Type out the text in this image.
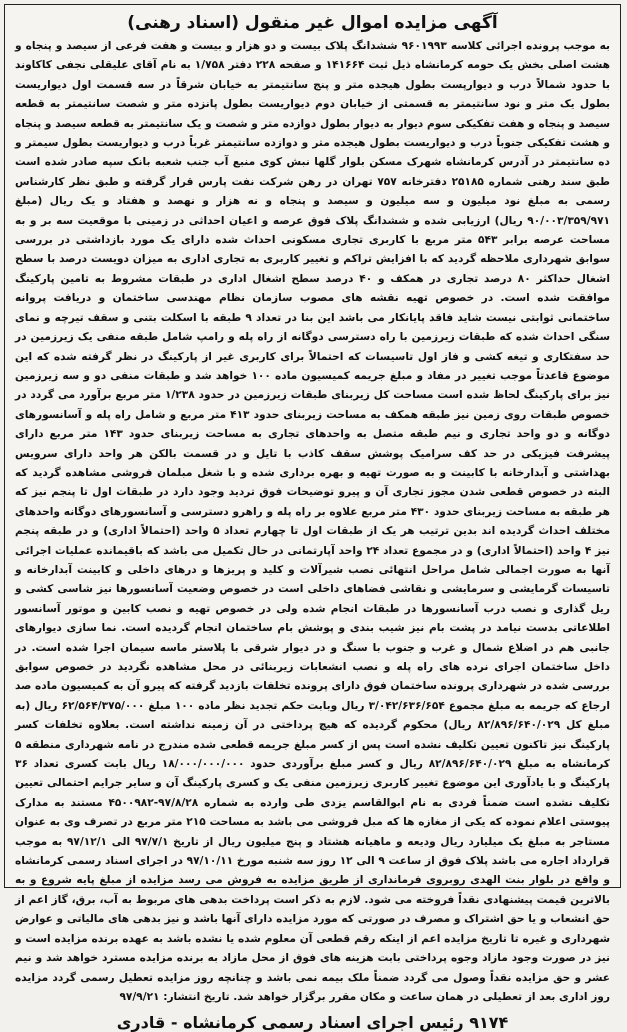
آگهی مزایده اموال غیر منقول (اسناد رهنی)
به موجب پرونده اجرائی کلاسه ۹۶۰۱۹۹۳ ششدانگ پلاک بیست و دو هزار و بیست و هفت فرعی از سیصد و پنجاه و هشت اصلی بخش یک حومه کرمانشاه ذیل ثبت ۱۴۱۶۶۴ و صفحه ۲۲۸ دفتر ۱/۷۵۸ به نام آقای علیقلی نجفی کاکاوند با حدود شمالاً درب و دیوارپست بطول هیجده متر و پنج سانتیمتر به خیابان شرقاً در سه قسمت اول دیواریست بطول یک متر و نود سانتیمتر به قسمتی از خیابان دوم دیواریست بطول پانزده متر و شصت سانتیمتر به قطعه سیصد و پنجاه و هفت تفکیکی سوم دیوار به دیوار بطول دوازده متر و شصت و یک سانتیمتر به قطعه سیصد و پنجاه و هشت تفکیکی جنوباً درب و دیواریست بطول هیجده متر و دوازده سانتیمتر غرباً درب و دیواریست بطول سیمتر و ده سانتیمتر در آدرس کرمانشاه شهرک مسکن بلوار گلها نبش کوی منبع آب جنب شعبه بانک سپه صادر شده است طبق سند رهنی شماره ۲۵۱۸۵ دفترخانه ۷۵۷ تهران در رهن شرکت نفت پارس قرار گرفته و طبق نظر کارشناس رسمی به مبلغ نود میلیون و سه میلیون و سیصد و پنجاه و نه هزار و نهصد و هفتاد و یک ریال (مبلغ ۹۰/۰۰۳/۳۵۹/۹۷۱ ریال) ارزیابی شده و ششدانگ پلاک فوق عرصه و اعیان احداثی در زمینی با موقعیت سه بر و به مساحت عرصه برابر ۵۴۳ متر مربع با کاربری تجاری مسکونی احداث شده دارای یک مورد بازداشتی در بررسی سوابق شهرداری ملاحظه گردید که با افزایش تراکم و تغییر کاربری به تجاری اداری به میزان دویست درصد با سطح اشغال حداکثر ۸۰ درصد تجاری در همکف و ۴۰ درصد سطح اشغال اداری در طبقات مشروط به تامین پارکینگ موافقت شده است. در خصوص تهیه نقشه های مصوب سازمان نظام مهندسی ساختمان و دریافت پروانه ساختمانی ثوابتی نیست شاید فاقد پایانکار می باشد این بنا در تعداد ۹ طبقه با اسکلت بتنی و سقف تیرچه و نمای سنگی احداث شده که طبقات زیرزمین با راه دسترسی دوگانه از راه پله و رامپ شامل طبقه منفی یک زیرزمین در حد سفتکاری و تیغه کشی و فاز اول تاسیسات که احتمالاً برای کاربری غیر از پارکینگ در نظر گرفته شده که این موضوع قاعدتاً موجب تغییر در مفاد و مبلغ جریمه کمیسیون ماده ۱۰۰ خواهد شد و طبقات منفی دو و سه زیرزمین نیز برای پارکینگ لحاظ شده است مساحت کل زیربنای طبقات زیرزمین در حدود ۱/۲۳۸ متر مربع برآورد می گردد در خصوص طبقات روی زمین نیز طبقه همکف به مساحت زیربنای حدود ۴۱۳ متر مربع و شامل راه پله و آسانسورهای دوگانه و دو واحد تجاری و نیم طبقه متصل به واحدهای تجاری به مساحت زیربنای حدود ۱۴۳ متر مربع دارای پیشرفت فیزیکی در حد کف سرامیک پوشش سقف کاذب با تایل و در قسمت بالکن هر واحد دارای سرویس بهداشتی و آبدارخانه با کابینت و به صورت تهیه و بهره برداری شده و با شغل مبلمان فروشی مشاهده گردید که البته در خصوص قطعی شدن مجوز تجاری آن و پیرو توضیحات فوق تردید وجود دارد در طبقات اول تا پنجم نیز که هر طبقه به مساحت زیربنای حدود ۴۳۰ متر مربع علاوه بر راه پله و راهرو دسترسی و آسانسورهای دوگانه واحدهای مختلف احداث گردیده اند بدین ترتیب هر یک از طبقات اول تا چهارم تعداد ۵ واحد (احتمالاً اداری) و در طبقه پنجم نیز ۴ واحد (احتمالاً اداری) و در مجموع تعداد ۲۴ واحد آپارتمانی در حال تکمیل می باشد که باقیمانده عملیات اجرائی آنها به صورت اجمالی شامل مراحل انتهائی نصب شیرآلات و کلید و پریزها و درهای داخلی و کابینت آبدارخانه و تاسیسات گرمایشی و سرمایشی و نقاشی فضاهای داخلی است در خصوص وضعیت آسانسورها نیز شاسی کشی و ریل گذاری و نصب درب آسانسورها در طبقات انجام شده ولی در خصوص تهیه و نصب کابین و موتور آسانسور اطلاعاتی بدست نیامد در پشت بام نیز شیب بندی و پوشش بام ساختمان انجام گردیده است. نما سازی دیوارهای جانبی هم در اضلاع شمال و غرب و جنوب با سنگ و در دیوار شرقی با پلاستر ماسه سیمان اجرا شده است. در داخل ساختمان اجرای نرده های راه پله و نصب انشعابات زیربنائی در محل مشاهده نگردید در خصوص سوابق بررسی شده در شهرداری پرونده ساختمان فوق دارای پرونده تخلفات بازدید گرفته که پیرو آن به کمیسیون ماده صد ارجاع که جریمه به مبلغ مجموع ۳/۰۴۲/۶۳۶/۶۵۴ ریال وبابت حکم تجدید نظر ماده ۱۰۰ مبلغ ۶۲/۵۶۴/۳۷۵/۰۰۰ ریال (به مبلغ کل ۸۲/۸۹۶/۶۴۰/۰۲۹ ریال) محکوم گردیده که هیچ پرداختی در آن زمینه نداشته است. بعلاوه تخلفات کسر پارکینگ نیز تاکنون تعیین تکلیف نشده است پس از کسر مبلغ جریمه قطعی شده مندرج در نامه شهرداری منطقه ۵ کرمانشاه به مبلغ ۸۲/۸۹۶/۶۴۰/۰۲۹ ریال و کسر مبلغ برآوردی حدود ۱۸/۰۰۰/۰۰۰/۰۰۰ ریال بابت کسری تعداد ۳۶ پارکینگ و با یادآوری این موضوع تغییر کاربری زیرزمین منفی یک و کسری پارکینگ آن و سایر جرایم احتمالی تعیین تکلیف نشده است ضمناً فردی به نام ابوالقاسم یزدی طی وارده به شماره ۹۷/۸/۲۸-۴۵۰۰۹۸۲ مستند به مدارک پیوستی اعلام نموده که یکی از مغازه ها که مبل فروشی می باشد به مساحت ۲۱۵ متر مربع در تصرف وی به عنوان مستاجر به مبلغ یک میلیارد ریال ودیعه و ماهیانه هشتاد و پنج میلیون ریال از تاریخ ۹۷/۷/۱ الی ۹۷/۱۲/۱ به موجب قرارداد اجاره می باشد پلاک فوق از ساعت ۹ الی ۱۲ روز سه شنبه مورخ ۹۷/۱۰/۱۱ در اجرای اسناد رسمی کرمانشاه و واقع در بلوار بنت الهدی روبروی فرمانداری از طریق مزایده به فروش می رسد مزایده از مبلغ پایه شروع و به بالاترین قیمت پیشنهادی نقداً فروخته می شود. لازم به ذکر است پرداخت بدهی های مربوط به آب، برق، گاز اعم از حق انشعاب و یا حق اشتراک و مصرف در صورتی که مورد مزایده دارای آنها باشد و نیز بدهی های مالیاتی و عوارض شهرداری و غیره تا تاریخ مزایده اعم از اینکه رقم قطعی آن معلوم شده یا نشده باشد به عهده برنده مزایده است و نیز در صورت وجود مازاد وجوه پرداختی بابت هزینه های فوق از محل مازاد به برنده مزایده مسترد خواهد شد و نیم عشر و حق مزایده نقداً وصول می گردد ضمناً ملک بیمه نمی باشد و چنانچه روز مزایده تعطیل رسمی گردد مزایده روز اداری بعد از تعطیلی در همان ساعت و مکان مقرر برگزار خواهد شد. تاریخ انتشار: ۹۷/۹/۲۱
۹۱۷۴ رئیس اجرای اسناد رسمی کرمانشاه - قادری
